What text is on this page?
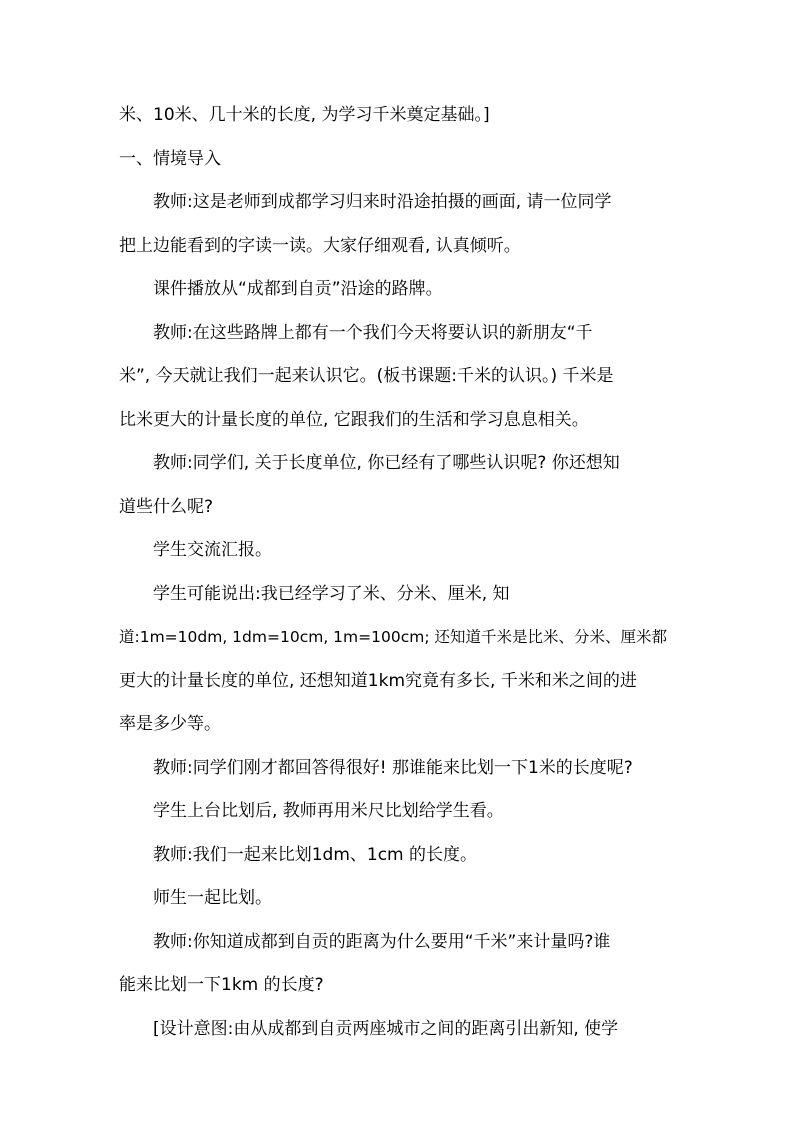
米、10米、几十米的长度, 为学习千米奠定基础。]
一、情境导入
教师:这是老师到成都学习归来时沿途拍摄的画面, 请一位同学
把上边能看到的字读一读。大家仔细观看, 认真倾听。
课件播放从“成都到自贡”沿途的路牌。
教师:在这些路牌上都有一个我们今天将要认识的新朋友“千
米”, 今天就让我们一起来认识它。(板书课题:千米的认识。) 千米是
比米更大的计量长度的单位, 它跟我们的生活和学习息息相关。
教师:同学们, 关于长度单位, 你已经有了哪些认识呢? 你还想知
道些什么呢?
学生交流汇报。
学生可能说出:我已经学习了米、分米、厘米, 知
道:1m=10dm, 1dm=10cm, 1m=100cm; 还知道千米是比米、分米、厘米都
更大的计量长度的单位, 还想知道1km究竟有多长, 千米和米之间的进
率是多少等。
教师:同学们刚才都回答得很好! 那谁能来比划一下1米的长度呢?
学生上台比划后, 教师再用米尺比划给学生看。
教师:我们一起来比划1dm、1cm 的长度。
师生一起比划。
教师:你知道成都到自贡的距离为什么要用“千米”来计量吗?谁
能来比划一下1km 的长度?
[设计意图:由从成都到自贡两座城市之间的距离引出新知, 使学
